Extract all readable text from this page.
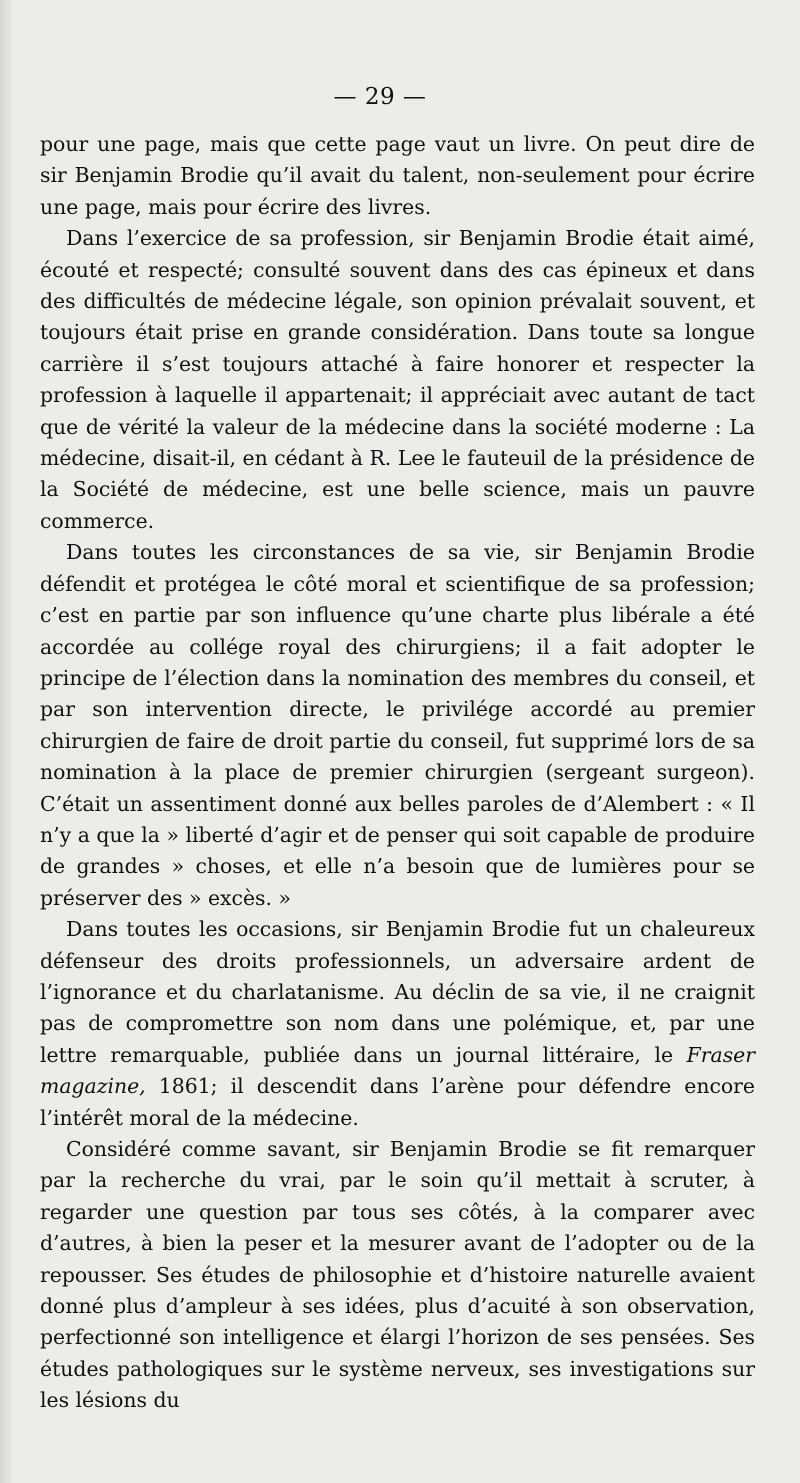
— 29 —

pour une page, mais que cette page vaut un livre. On peut dire de sir Benjamin Brodie qu’il avait du talent, non-seulement pour écrire une page, mais pour écrire des livres.

Dans l’exercice de sa profession, sir Benjamin Brodie était aimé, écouté et respecté; consulté souvent dans des cas épineux et dans des difficultés de médecine légale, son opinion prévalait souvent, et toujours était prise en grande considération. Dans toute sa longue carrière il s’est toujours attaché à faire honorer et respecter la profession à laquelle il appartenait; il appréciait avec autant de tact que de vérité la valeur de la médecine dans la société moderne : La médecine, disait-il, en cédant à R. Lee le fauteuil de la présidence de la Société de médecine, est une belle science, mais un pauvre commerce.

Dans toutes les circonstances de sa vie, sir Benjamin Brodie défendit et protégea le côté moral et scientifique de sa profession; c’est en partie par son influence qu’une charte plus libérale a été accordée au collége royal des chirurgiens; il a fait adopter le principe de l’élection dans la nomination des membres du conseil, et par son intervention directe, le privilége accordé au premier chirurgien de faire de droit partie du conseil, fut supprimé lors de sa nomination à la place de premier chirurgien (sergeant surgeon). C’était un assentiment donné aux belles paroles de d’Alembert : « Il n’y a que la » liberté d’agir et de penser qui soit capable de produire de grandes » choses, et elle n’a besoin que de lumières pour se préserver des » excès. »

Dans toutes les occasions, sir Benjamin Brodie fut un chaleureux défenseur des droits professionnels, un adversaire ardent de l’ignorance et du charlatanisme. Au déclin de sa vie, il ne craignit pas de compromettre son nom dans une polémique, et, par une lettre remarquable, publiée dans un journal littéraire, le Fraser magazine, 1861; il descendit dans l’arène pour défendre encore l’intérêt moral de la médecine.

Considéré comme savant, sir Benjamin Brodie se fit remarquer par la recherche du vrai, par le soin qu’il mettait à scruter, à regarder une question par tous ses côtés, à la comparer avec d’autres, à bien la peser et la mesurer avant de l’adopter ou de la repousser. Ses études de philosophie et d’histoire naturelle avaient donné plus d’ampleur à ses idées, plus d’acuité à son observation, perfectionné son intelligence et élargi l’horizon de ses pensées. Ses études pathologiques sur le système nerveux, ses investigations sur les lésions du
